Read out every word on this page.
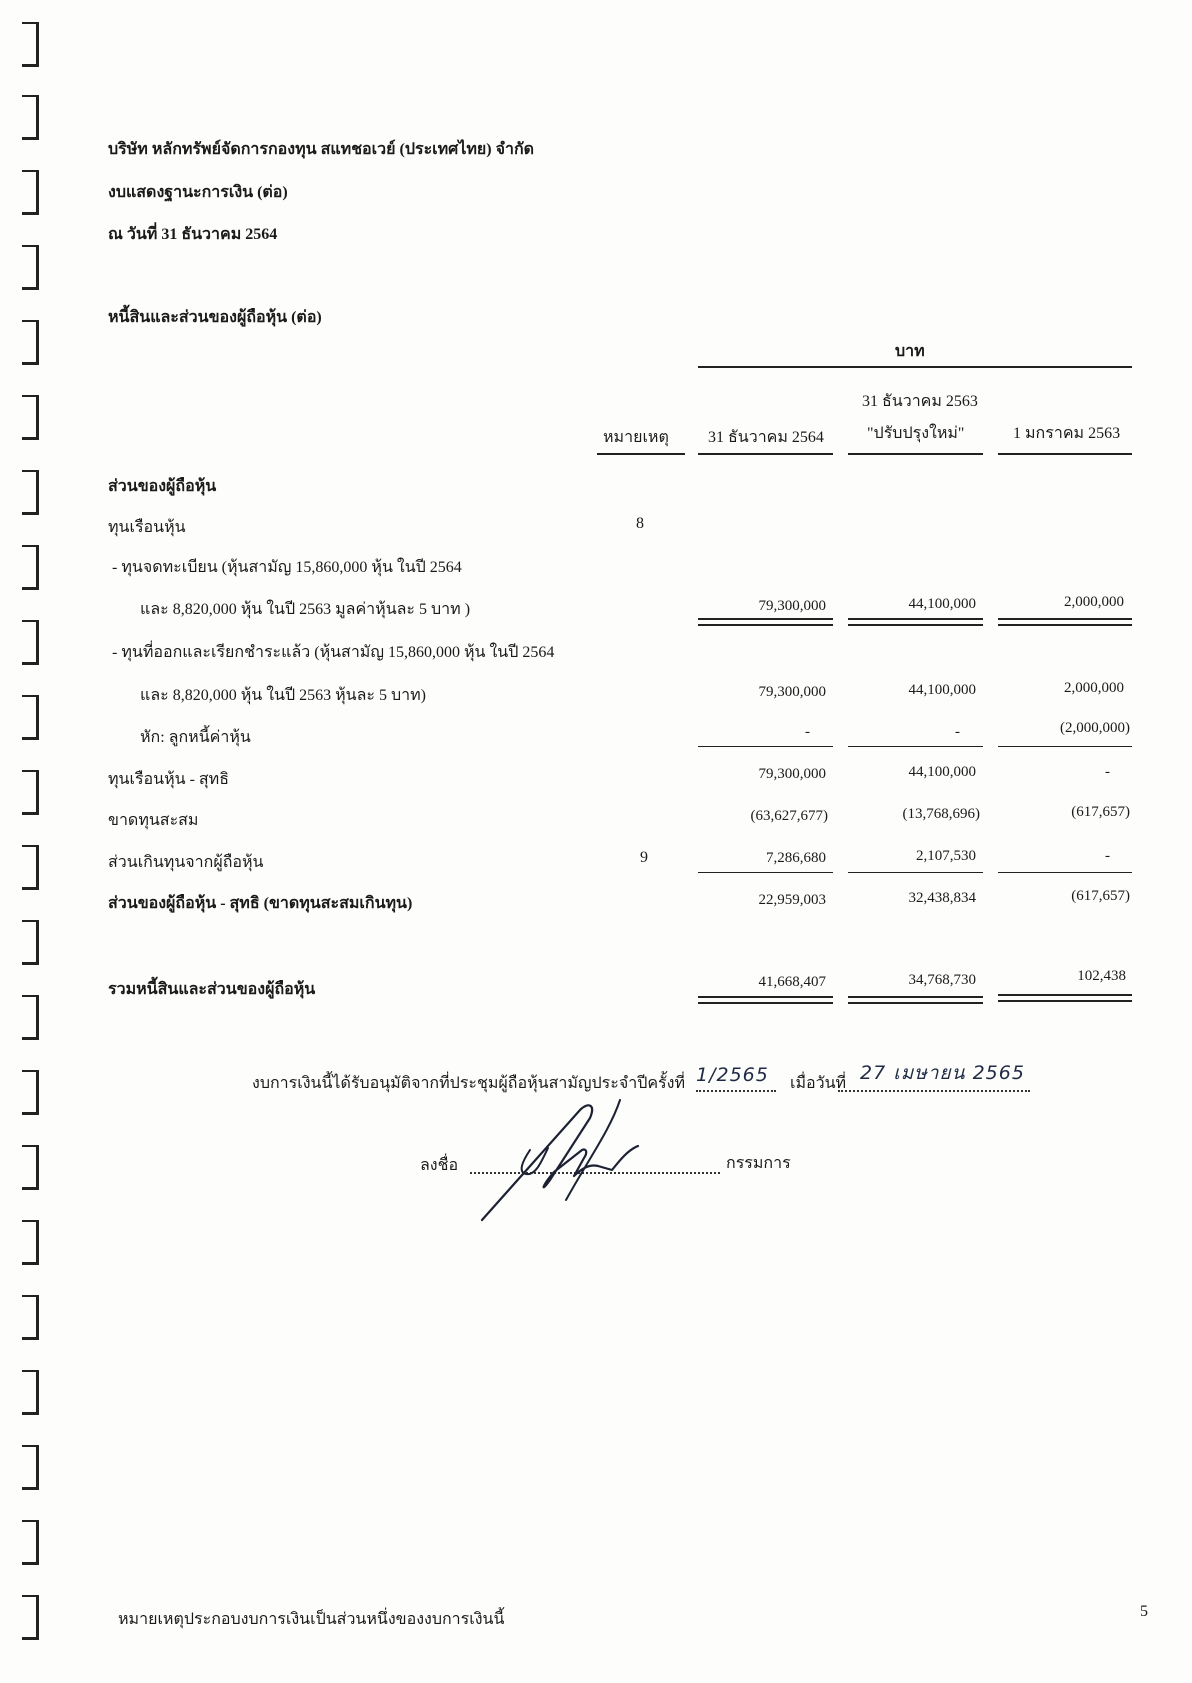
บริษัท หลักทรัพย์จัดการกองทุน สแทชอเวย์ (ประเทศไทย) จำกัด
งบแสดงฐานะการเงิน (ต่อ)
ณ วันที่ 31 ธันวาคม 2564
หนี้สินและส่วนของผู้ถือหุ้น (ต่อ)
บาท
31 ธันวาคม 2563
หมายเหตุ 31 ธันวาคม 2564	"ปรับปรุงใหม่"	1 มกราคม 2563
ส่วนของผู้ถือหุ้น
ทุนเรือนหุ้น	8
- ทุนจดทะเบียน (หุ้นสามัญ 15,860,000 หุ้น ในปี 2564
และ 8,820,000 หุ้น ในปี 2563 มูลค่าหุ้นละ 5 บาท )	79,300,000	44,100,000	2,000,000
- ทุนที่ออกและเรียกชำระแล้ว (หุ้นสามัญ 15,860,000 หุ้น ในปี 2564
และ 8,820,000 หุ้น ในปี 2563 หุ้นละ 5 บาท)	79,300,000	44,100,000	2,000,000
หัก: ลูกหนี้ค่าหุ้น	-	-	(2,000,000)
ทุนเรือนหุ้น - สุทธิ	79,300,000	44,100,000	-
ขาดทุนสะสม	(63,627,677)	(13,768,696)	(617,657)
ส่วนเกินทุนจากผู้ถือหุ้น	9	7,286,680	2,107,530	-
ส่วนของผู้ถือหุ้น - สุทธิ (ขาดทุนสะสมเกินทุน)	22,959,003	32,438,834	(617,657)
รวมหนี้สินและส่วนของผู้ถือหุ้น	41,668,407	34,768,730	102,438
งบการเงินนี้ได้รับอนุมัติจากที่ประชุมผู้ถือหุ้นสามัญประจำปีครั้งที่ 1/2565 เมื่อวันที่ 27 เมษายน 2565
ลงชื่อ	กรรมการ
หมายเหตุประกอบงบการเงินเป็นส่วนหนึ่งของงบการเงินนี้	5
